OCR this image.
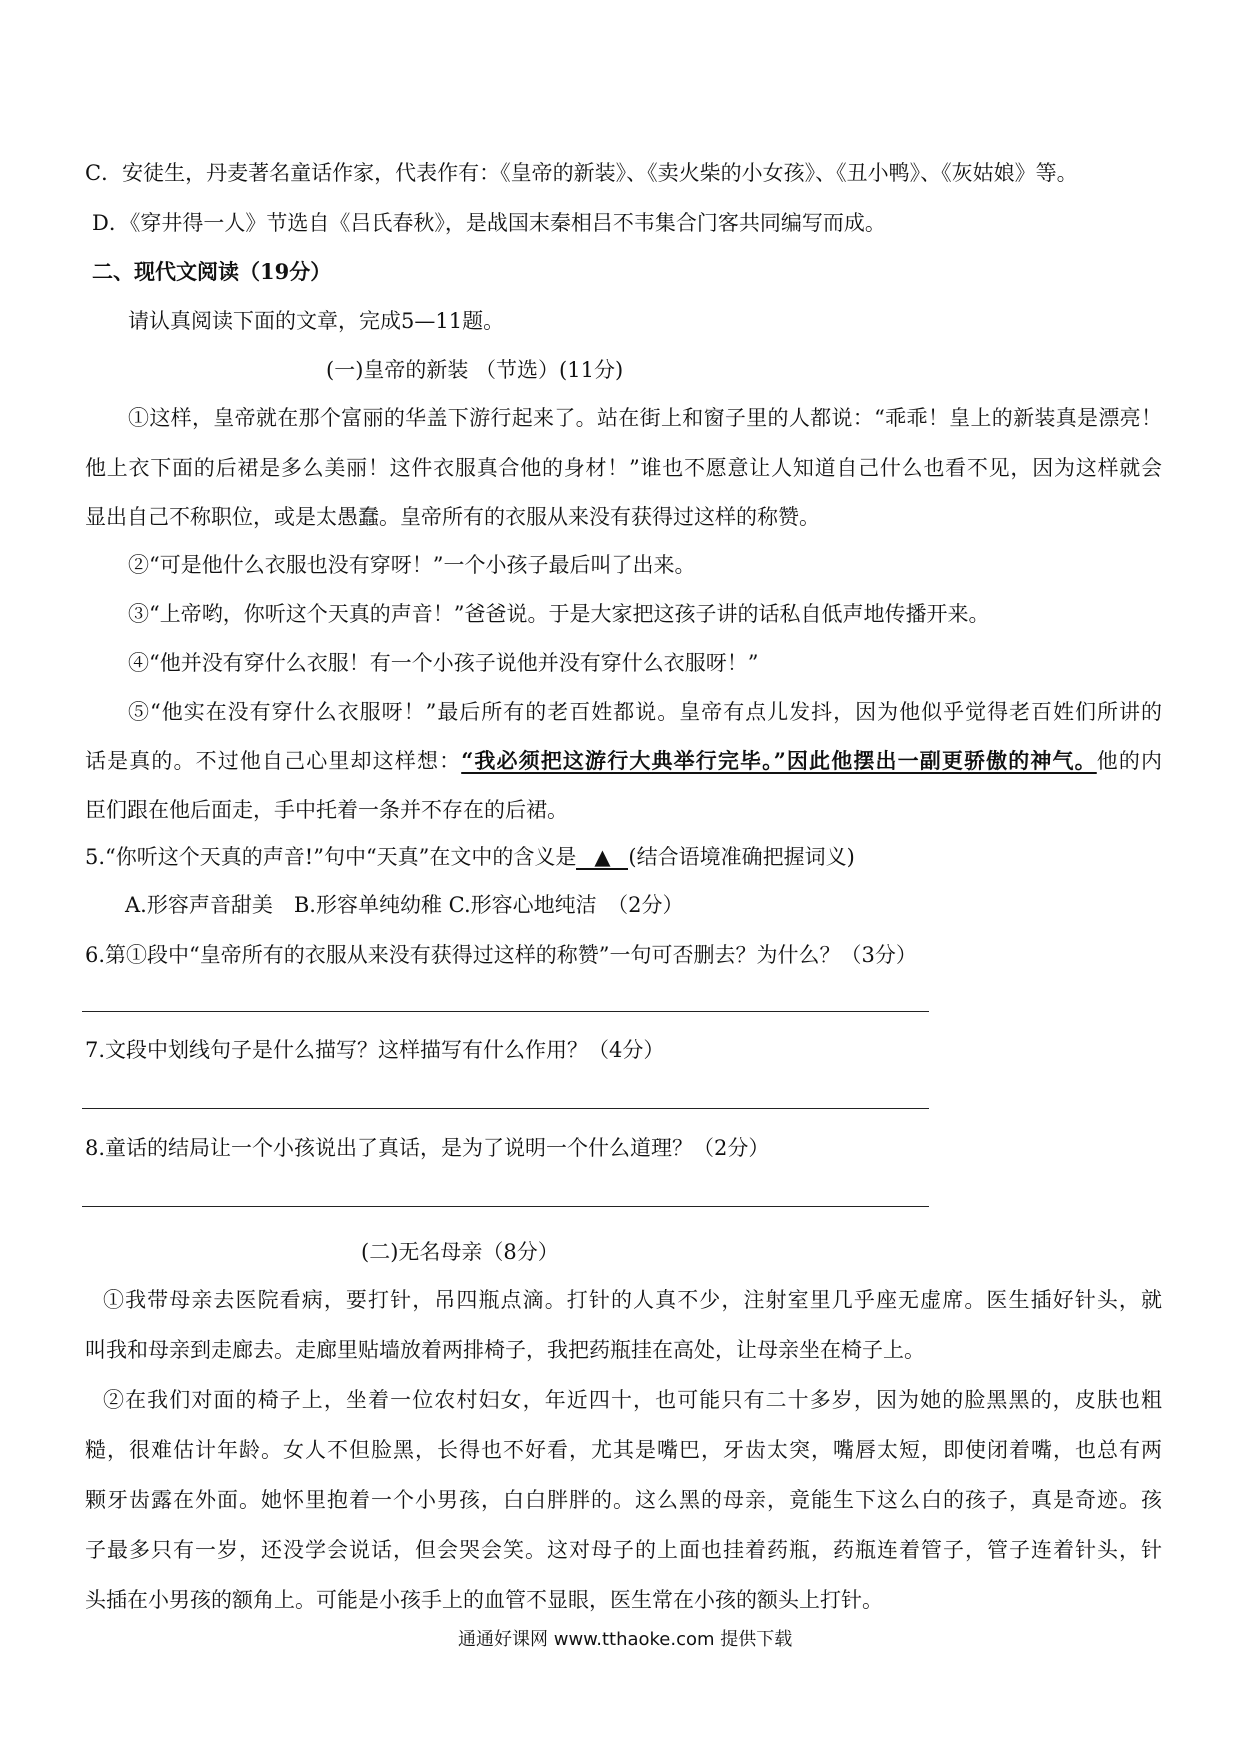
C．安徒生，丹麦著名童话作家，代表作有：《皇帝的新装》、《卖火柴的小女孩》、《丑小鸭》、《灰姑娘》等。
D．《穿井得一人》节选自《吕氏春秋》，是战国末秦相吕不韦集合门客共同编写而成。
二、现代文阅读（19分）
请认真阅读下面的文章，完成5—11题。
(一)皇帝的新装 （节选）(11分)
①这样，皇帝就在那个富丽的华盖下游行起来了。站在街上和窗子里的人都说：“乖乖！皇上的新装真是漂亮！
他上衣下面的后裙是多么美丽！这件衣服真合他的身材！”谁也不愿意让人知道自己什么也看不见，因为这样就会
显出自己不称职位，或是太愚蠢。皇帝所有的衣服从来没有获得过这样的称赞。
②“可是他什么衣服也没有穿呀！”一个小孩子最后叫了出来。
③“上帝哟，你听这个天真的声音！”爸爸说。于是大家把这孩子讲的话私自低声地传播开来。
④“他并没有穿什么衣服！有一个小孩子说他并没有穿什么衣服呀！”
⑤“他实在没有穿什么衣服呀！”最后所有的老百姓都说。皇帝有点儿发抖，因为他似乎觉得老百姓们所讲的
话是真的。不过他自己心里却这样想：“我必须把这游行大典举行完毕。”因此他摆出一副更骄傲的神气。他的内
臣们跟在他后面走，手中托着一条并不存在的后裙。
5.“你听这个天真的声音!”句中“天真”在文中的含义是 ▲ (结合语境准确把握词义)
A.形容声音甜美　B.形容单纯幼稚 C.形容心地纯洁　（2分）
6.第①段中“皇帝所有的衣服从来没有获得过这样的称赞”一句可否删去？为什么？（3分）
7.文段中划线句子是什么描写？这样描写有什么作用？（4分）
8.童话的结局让一个小孩说出了真话，是为了说明一个什么道理？（2分）
(二)无名母亲（8分）
①我带母亲去医院看病，要打针，吊四瓶点滴。打针的人真不少，注射室里几乎座无虚席。医生插好针头，就
叫我和母亲到走廊去。走廊里贴墙放着两排椅子，我把药瓶挂在高处，让母亲坐在椅子上。
②在我们对面的椅子上，坐着一位农村妇女，年近四十，也可能只有二十多岁，因为她的脸黑黑的，皮肤也粗
糙，很难估计年龄。女人不但脸黑，长得也不好看，尤其是嘴巴，牙齿太突，嘴唇太短，即使闭着嘴，也总有两
颗牙齿露在外面。她怀里抱着一个小男孩，白白胖胖的。这么黑的母亲，竟能生下这么白的孩子，真是奇迹。孩
子最多只有一岁，还没学会说话，但会哭会笑。这对母子的上面也挂着药瓶，药瓶连着管子，管子连着针头，针
头插在小男孩的额角上。可能是小孩手上的血管不显眼，医生常在小孩的额头上打针。
通通好课网 www.tthaoke.com 提供下载
